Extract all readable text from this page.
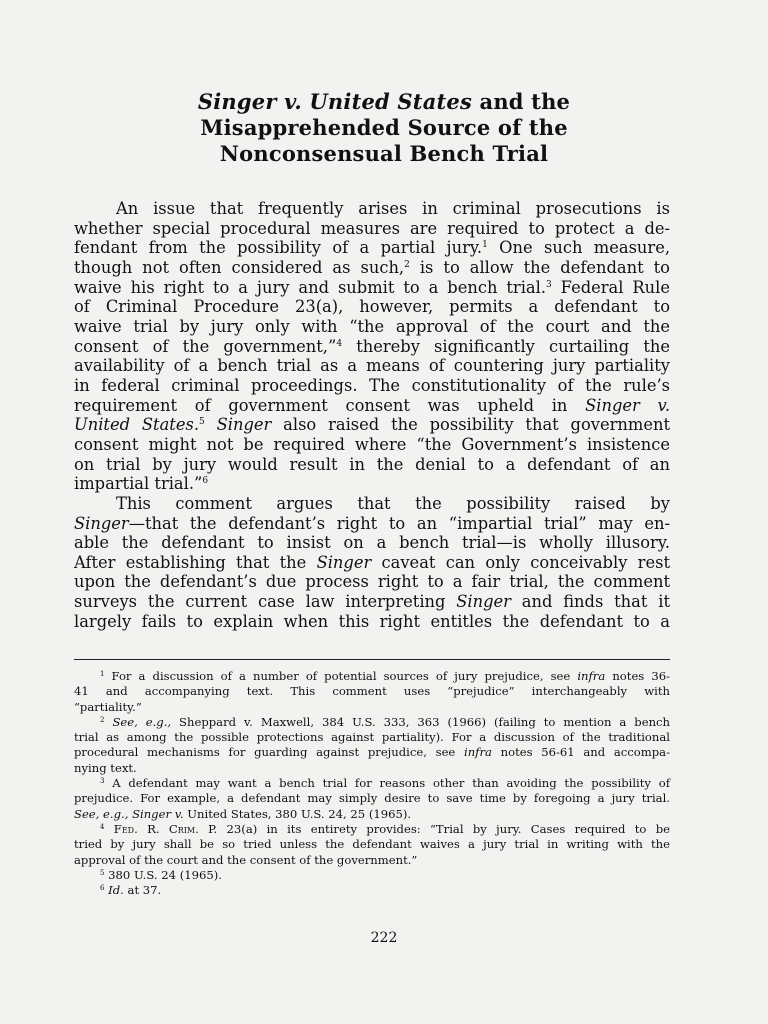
Singer v. United States and the
Misapprehended Source of the
Nonconsensual Bench Trial

An issue that frequently arises in criminal prosecutions is
whether special procedural measures are required to protect a de-
fendant from the possibility of a partial jury.$^1$ One such measure,
though not often considered as such,$^2$ is to allow the defendant to
waive his right to a jury and submit to a bench trial.$^3$ Federal Rule
of Criminal Procedure 23(a), however, permits a defendant to
waive trial by jury only with “the approval of the court and the
consent of the government,”$^4$ thereby significantly curtailing the
availability of a bench trial as a means of countering jury partiality
in federal criminal proceedings. The constitutionality of the rule’s
requirement of government consent was upheld in Singer v.
United States.$^5$ Singer also raised the possibility that government
consent might not be required where “the Government’s insistence
on trial by jury would result in the denial to a defendant of an
impartial trial.”$^6$

This comment argues that the possibility raised by
Singer—that the defendant’s right to an “impartial trial” may en-
able the defendant to insist on a bench trial—is wholly illusory.
After establishing that the Singer caveat can only conceivably rest
upon the defendant’s due process right to a fair trial, the comment
surveys the current case law interpreting Singer and finds that it
largely fails to explain when this right entitles the defendant to a

$^1$ For a discussion of a number of potential sources of jury prejudice, see infra notes 36-
41 and accompanying text. This comment uses “prejudice” interchangeably with
“partiality.”
$^2$ See, e.g., Sheppard v. Maxwell, 384 U.S. 333, 363 (1966) (failing to mention a bench
trial as among the possible protections against partiality). For a discussion of the traditional
procedural mechanisms for guarding against prejudice, see infra notes 56-61 and accompa-
nying text.
$^3$ A defendant may want a bench trial for reasons other than avoiding the possibility of
prejudice. For example, a defendant may simply desire to save time by foregoing a jury trial.
See, e.g., Singer v. United States, 380 U.S. 24, 25 (1965).
$^4$ Fed. R. Crim. P. 23(a) in its entirety provides: “Trial by jury. Cases required to be
tried by jury shall be so tried unless the defendant waives a jury trial in writing with the
approval of the court and the consent of the government.”
$^5$ 380 U.S. 24 (1965).
$^6$ Id. at 37.
222
